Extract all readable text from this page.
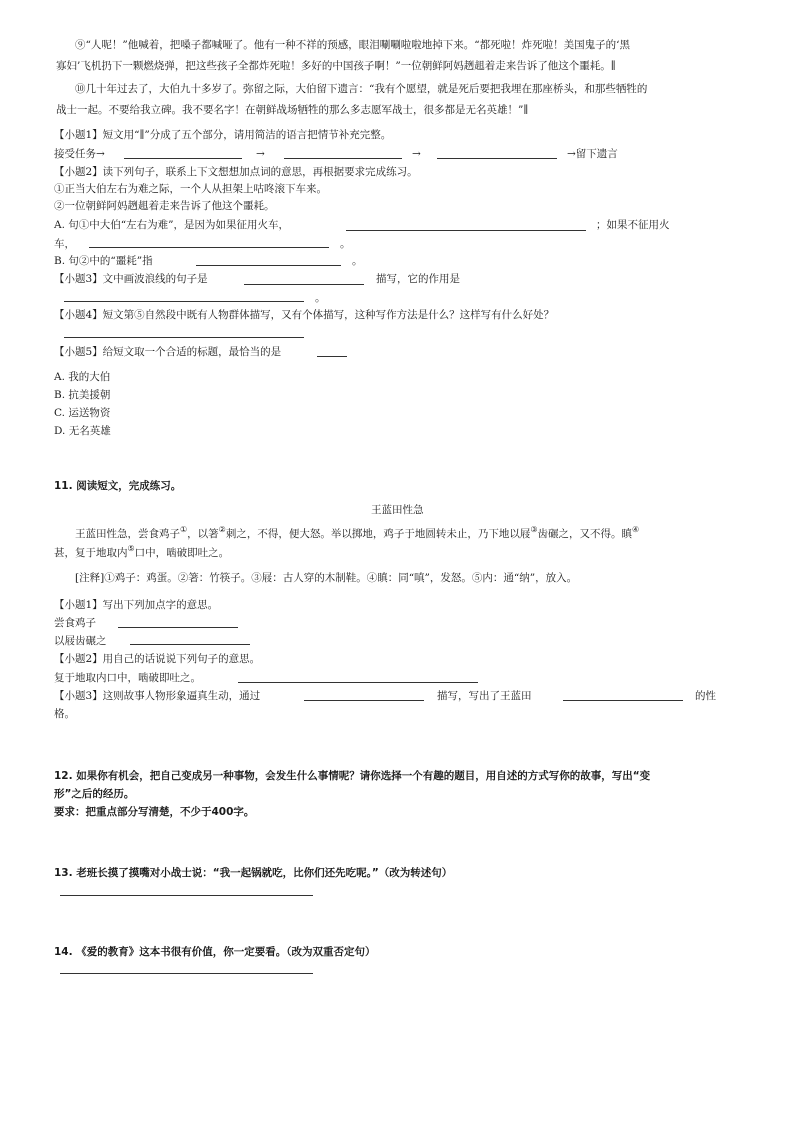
⑨“人呢！”他喊着，把嗓子都喊哑了。他有一种不祥的预感，眼泪唰唰啦啦地掉下来。“都死啦！炸死啦！美国鬼子的‘黑
寡妇’飞机扔下一颗燃烧弹，把这些孩子全都炸死啦！多好的中国孩子啊！”一位朝鲜阿妈趔趄着走来告诉了他这个噩耗。∥
⑩几十年过去了，大伯九十多岁了。弥留之际，大伯留下遗言：“我有个愿望，就是死后要把我埋在那座桥头，和那些牺牲的
战士一起。不要给我立碑。我不要名字！在朝鲜战场牺牲的那么多志愿军战士，很多都是无名英雄！”∥
【小题1】短文用“∥”分成了五个部分，请用简洁的语言把情节补充完整。
接受任务→	→	→	→留下遗言
【小题2】读下列句子，联系上下文想想加点词的意思，再根据要求完成练习。
①正当大伯左右为难之际，一个人从担架上咕咚滚下车来。
②一位朝鲜阿妈趔趄着走来告诉了他这个噩耗。
A. 句①中大伯“左右为难”，是因为如果征用火车，	；如果不征用火
车，	。
B. 句②中的“噩耗”指	。
【小题3】文中画波浪线的句子是	描写，它的作用是
。
【小题4】短文第⑤自然段中既有人物群体描写，又有个体描写，这种写作方法是什么？这样写有什么好处？
【小题5】给短文取一个合适的标题，最恰当的是
A. 我的大伯
B. 抗美援朝
C. 运送物资
D. 无名英雄
11. 阅读短文，完成练习。
王蓝田性急
王蓝田性急，尝食鸡子①，以箸②刺之，不得，便大怒。举以掷地，鸡子于地圆转未止，乃下地以屐③齿碾之，又不得。瞋④
甚，复于地取内⑤口中，啮破即吐之。
[注释]①鸡子：鸡蛋。②箸：竹筷子。③屐：古人穿的木制鞋。④瞋：同“嗔”，发怒。⑤内：通“纳”，放入。
【小题1】写出下列加点字的意思。
尝食鸡子
以屐齿碾之
【小题2】用自己的话说说下列句子的意思。
复于地取内口中，啮破即吐之。
【小题3】这则故事人物形象逼真生动，通过	描写，写出了王蓝田	的性
格。
12. 如果你有机会，把自己变成另一种事物，会发生什么事情呢？请你选择一个有趣的题目，用自述的方式写你的故事，写出“变
形”之后的经历。
要求：把重点部分写清楚，不少于400字。
13. 老班长摸了摸嘴对小战士说：“我一起锅就吃，比你们还先吃呢。”（改为转述句）
14. 《爱的教育》这本书很有价值，你一定要看。（改为双重否定句）
